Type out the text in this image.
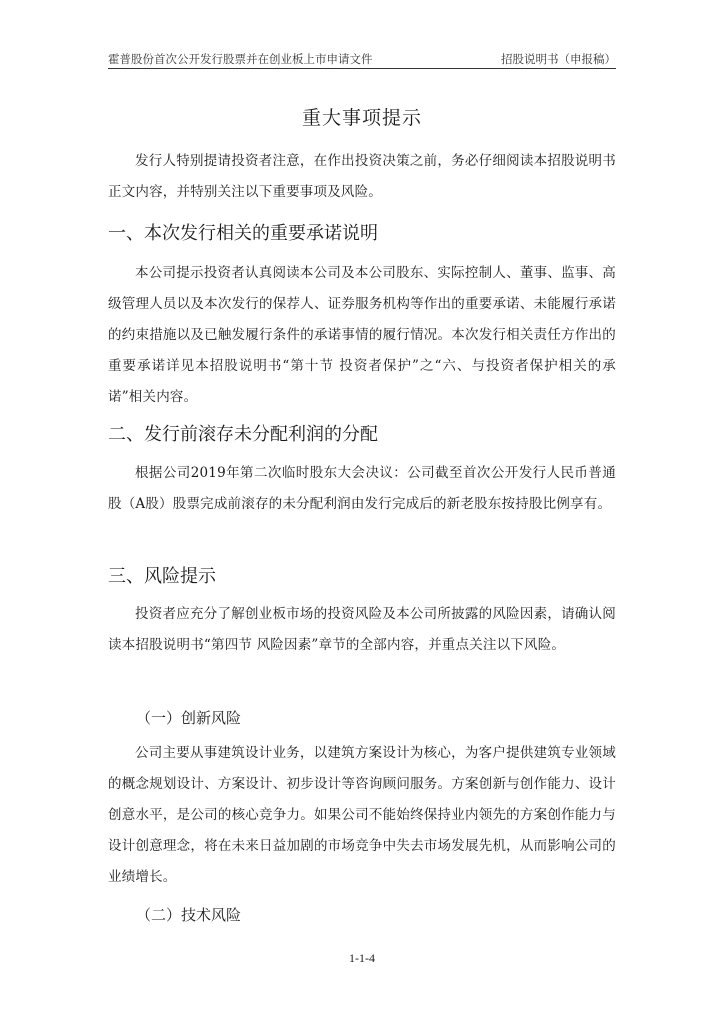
霍普股份首次公开发行股票并在创业板上市申请文件	招股说明书（申报稿）
重大事项提示

发行人特别提请投资者注意，在作出投资决策之前，务必仔细阅读本招股说明书正文内容，并特别关注以下重要事项及风险。

一、本次发行相关的重要承诺说明

本公司提示投资者认真阅读本公司及本公司股东、实际控制人、董事、监事、高级管理人员以及本次发行的保荐人、证券服务机构等作出的重要承诺、未能履行承诺的约束措施以及已触发履行条件的承诺事情的履行情况。本次发行相关责任方作出的重要承诺详见本招股说明书“第十节 投资者保护”之“六、与投资者保护相关的承诺”相关内容。

二、发行前滚存未分配利润的分配

根据公司2019年第二次临时股东大会决议：公司截至首次公开发行人民币普通股（A股）股票完成前滚存的未分配利润由发行完成后的新老股东按持股比例享有。

三、风险提示

投资者应充分了解创业板市场的投资风险及本公司所披露的风险因素，请确认阅读本招股说明书“第四节 风险因素”章节的全部内容，并重点关注以下风险。

（一）创新风险

公司主要从事建筑设计业务，以建筑方案设计为核心，为客户提供建筑专业领域的概念规划设计、方案设计、初步设计等咨询顾问服务。方案创新与创作能力、设计创意水平，是公司的核心竞争力。如果公司不能始终保持业内领先的方案创作能力与设计创意理念，将在未来日益加剧的市场竞争中失去市场发展先机，从而影响公司的业绩增长。

（二）技术风险
1-1-4
